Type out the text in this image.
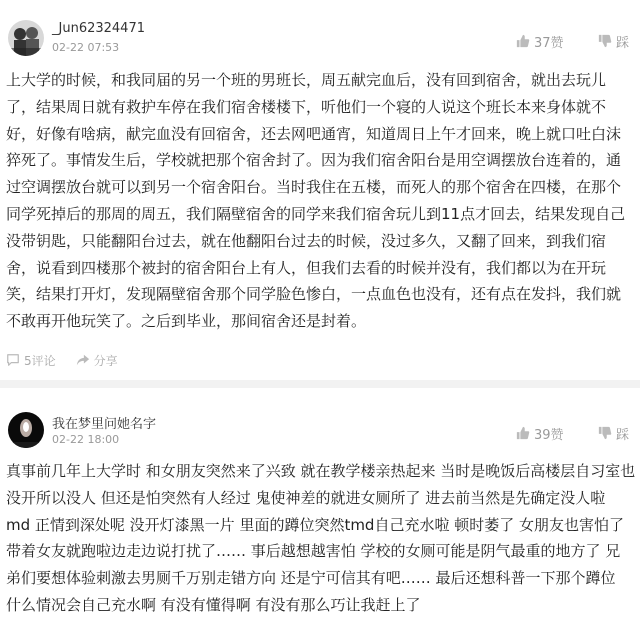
_Jun62324471
02-22 07:53	37赞	踩
上大学的时候，和我同届的另一个班的男班长，周五献完血后，没有回到宿舍，就出去玩儿
了，结果周日就有救护车停在我们宿舍楼楼下，听他们一个寝的人说这个班长本来身体就不
好，好像有啥病，献完血没有回宿舍，还去网吧通宵，知道周日上午才回来，晚上就口吐白沫
猝死了。事情发生后，学校就把那个宿舍封了。因为我们宿舍阳台是用空调摆放台连着的，通
过空调摆放台就可以到另一个宿舍阳台。当时我住在五楼，而死人的那个宿舍在四楼，在那个
同学死掉后的那周的周五，我们隔壁宿舍的同学来我们宿舍玩儿到11点才回去，结果发现自己
没带钥匙，只能翻阳台过去，就在他翻阳台过去的时候，没过多久，又翻了回来，到我们宿
舍，说看到四楼那个被封的宿舍阳台上有人，但我们去看的时候并没有，我们都以为在开玩
笑，结果打开灯，发现隔壁宿舍那个同学脸色惨白，一点血色也没有，还有点在发抖，我们就
不敢再开他玩笑了。之后到毕业，那间宿舍还是封着。
5评论	分享
我在梦里问她名字
02-22 18:00	39赞	踩
真事前几年上大学时 和女朋友突然来了兴致 就在教学楼亲热起来 当时是晚饭后高楼层自习室也
没开所以没人 但还是怕突然有人经过 鬼使神差的就进女厕所了 进去前当然是先确定没人啦
md 正情到深处呢 没开灯漆黑一片 里面的蹲位突然tmd自己充水啦 顿时萎了 女朋友也害怕了
带着女友就跑啦边走边说打扰了…… 事后越想越害怕 学校的女厕可能是阴气最重的地方了 兄
弟们要想体验刺激去男厕千万别走错方向 还是宁可信其有吧…… 最后还想科普一下那个蹲位
什么情况会自己充水啊 有没有懂得啊 有没有那么巧让我赶上了
